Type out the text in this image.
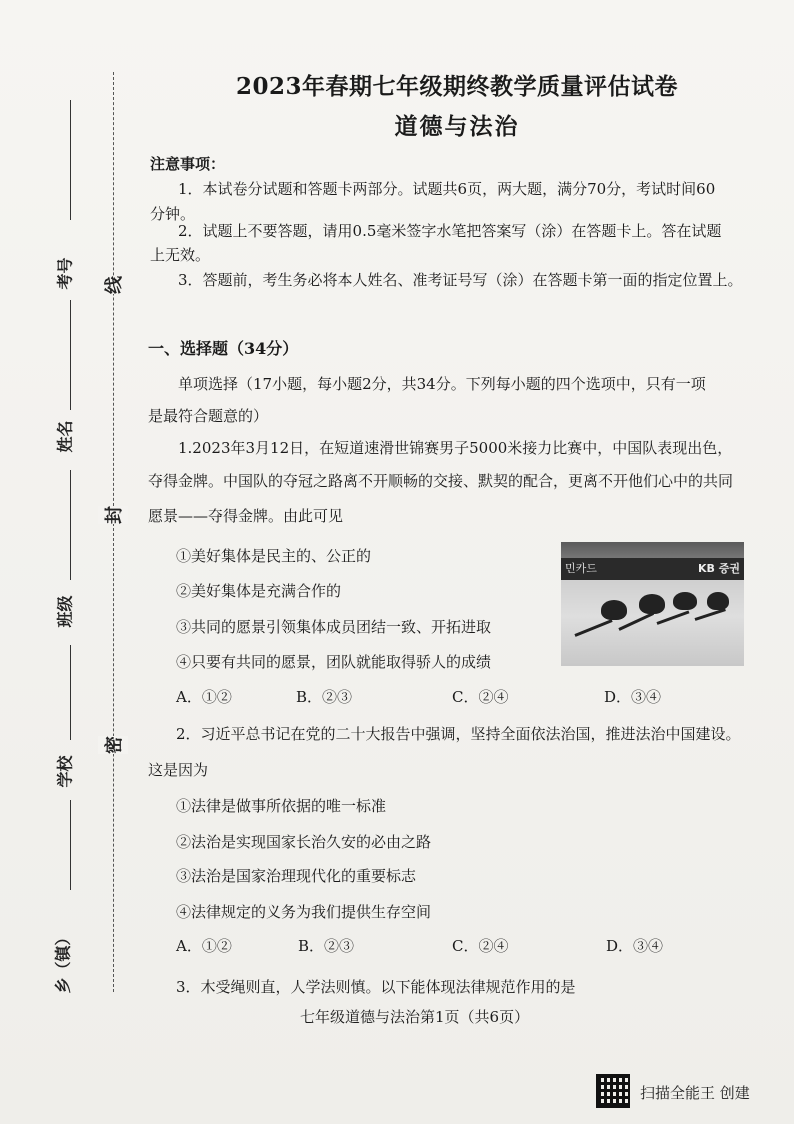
考号
姓名
班级
学校
乡（镇）
线
封
密
2023年春期七年级期终教学质量评估试卷
道德与法治
注意事项：
1．本试卷分试题和答题卡两部分。试题共6页，两大题，满分70分，考试时间60
分钟。
2．试题上不要答题，请用0.5毫米签字水笔把答案写（涂）在答题卡上。答在试题
上无效。
3．答题前，考生务必将本人姓名、准考证号写（涂）在答题卡第一面的指定位置上。
一、选择题（34分）
单项选择（17小题，每小题2分，共34分。下列每小题的四个选项中，只有一项
是最符合题意的）
1.2023年3月12日，在短道速滑世锦赛男子5000米接力比赛中，中国队表现出色，
夺得金牌。中国队的夺冠之路离不开顺畅的交接、默契的配合，更离不开他们心中的共同
愿景——夺得金牌。由此可见
①美好集体是民主的、公正的
②美好集体是充满合作的
③共同的愿景引领集体成员团结一致、开拓进取
④只要有共同的愿景，团队就能取得骄人的成绩
민카드	KB 증권
A．①②	B．②③	C．②④	D．③④
2．习近平总书记在党的二十大报告中强调，坚持全面依法治国，推进法治中国建设。
这是因为
①法律是做事所依据的唯一标准
②法治是实现国家长治久安的必由之路
③法治是国家治理现代化的重要标志
④法律规定的义务为我们提供生存空间
A．①②	B．②③	C．②④	D．③④
3．木受绳则直，人学法则慎。以下能体现法律规范作用的是
七年级道德与法治第1页（共6页）
扫描全能王 创建
